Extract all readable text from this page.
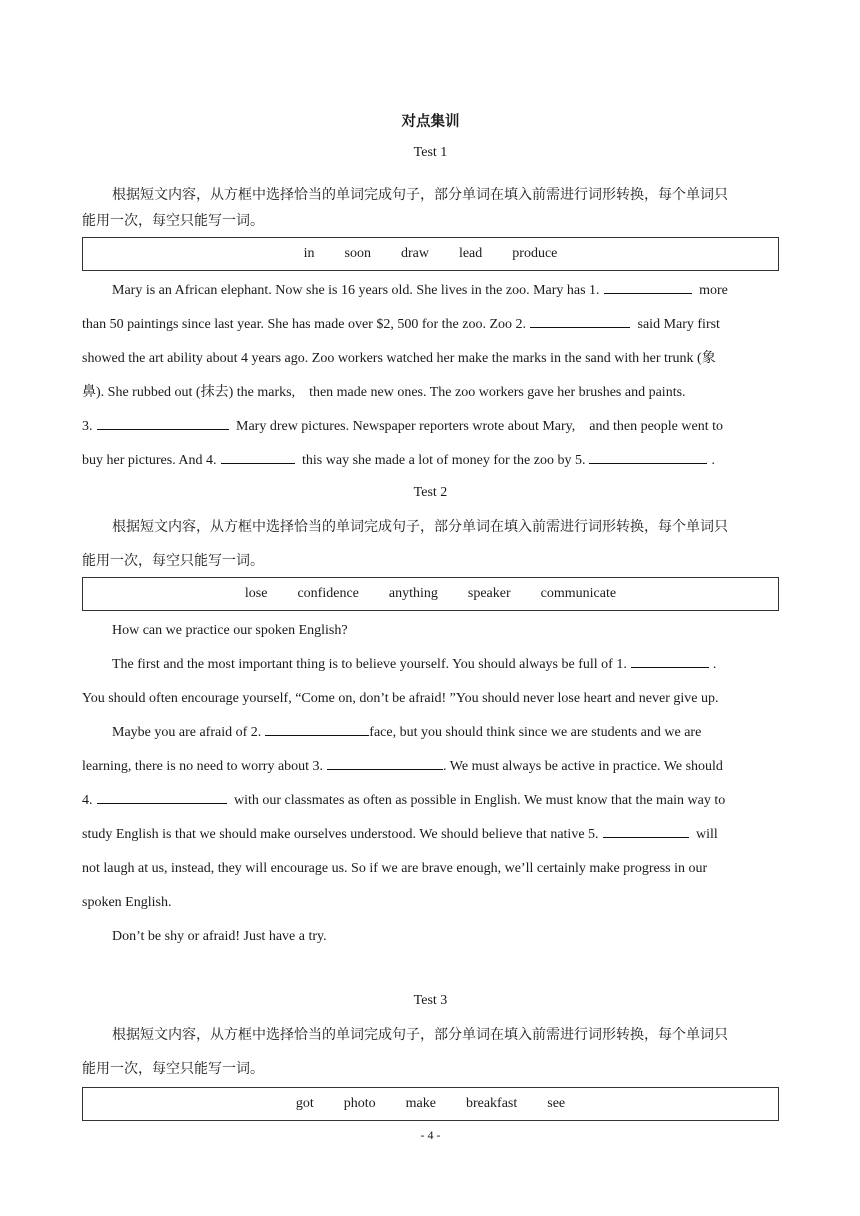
对点集训
Test 1
根据短文内容，从方框中选择恰当的单词完成句子，部分单词在填入前需进行词形转换，每个单词只
能用一次，每空只能写一词。
in soon draw lead produce
Mary is an African elephant. Now she is 16 years old. She lives in the zoo. Mary has 1.	more
than 50 paintings since last year. She has made over $2, 500 for the zoo. Zoo 2.	said Mary first
showed the art ability about 4 years ago. Zoo workers watched her make the marks in the sand with her trunk (象
鼻). She rubbed out (抹去) the marks,　then made new ones. The zoo workers gave her brushes and paints.
3.	Mary drew pictures. Newspaper reporters wrote about Mary,　and then people went to
buy her pictures. And 4.	this way she made a lot of money for the zoo by 5.	.
Test 2
根据短文内容，从方框中选择恰当的单词完成句子，部分单词在填入前需进行词形转换，每个单词只
能用一次，每空只能写一词。
lose confidence anything speaker communicate
How can we practice our spoken English?
The first and the most important thing is to believe yourself. You should always be full of 1.	.
You should often encourage yourself, “Come on, don’t be afraid! ”You should never lose heart and never give up.
Maybe you are afraid of 2.	face, but you should think since we are students and we are
learning, there is no need to worry about 3.	. We must always be active in practice. We should
4.	with our classmates as often as possible in English. We must know that the main way to
study English is that we should make ourselves understood. We should believe that native 5.	will
not laugh at us, instead, they will encourage us. So if we are brave enough, we’ll certainly make progress in our
spoken English.
Don’t be shy or afraid! Just have a try.
Test 3
根据短文内容，从方框中选择恰当的单词完成句子，部分单词在填入前需进行词形转换，每个单词只
能用一次，每空只能写一词。
got photo make breakfast see
- 4 -
